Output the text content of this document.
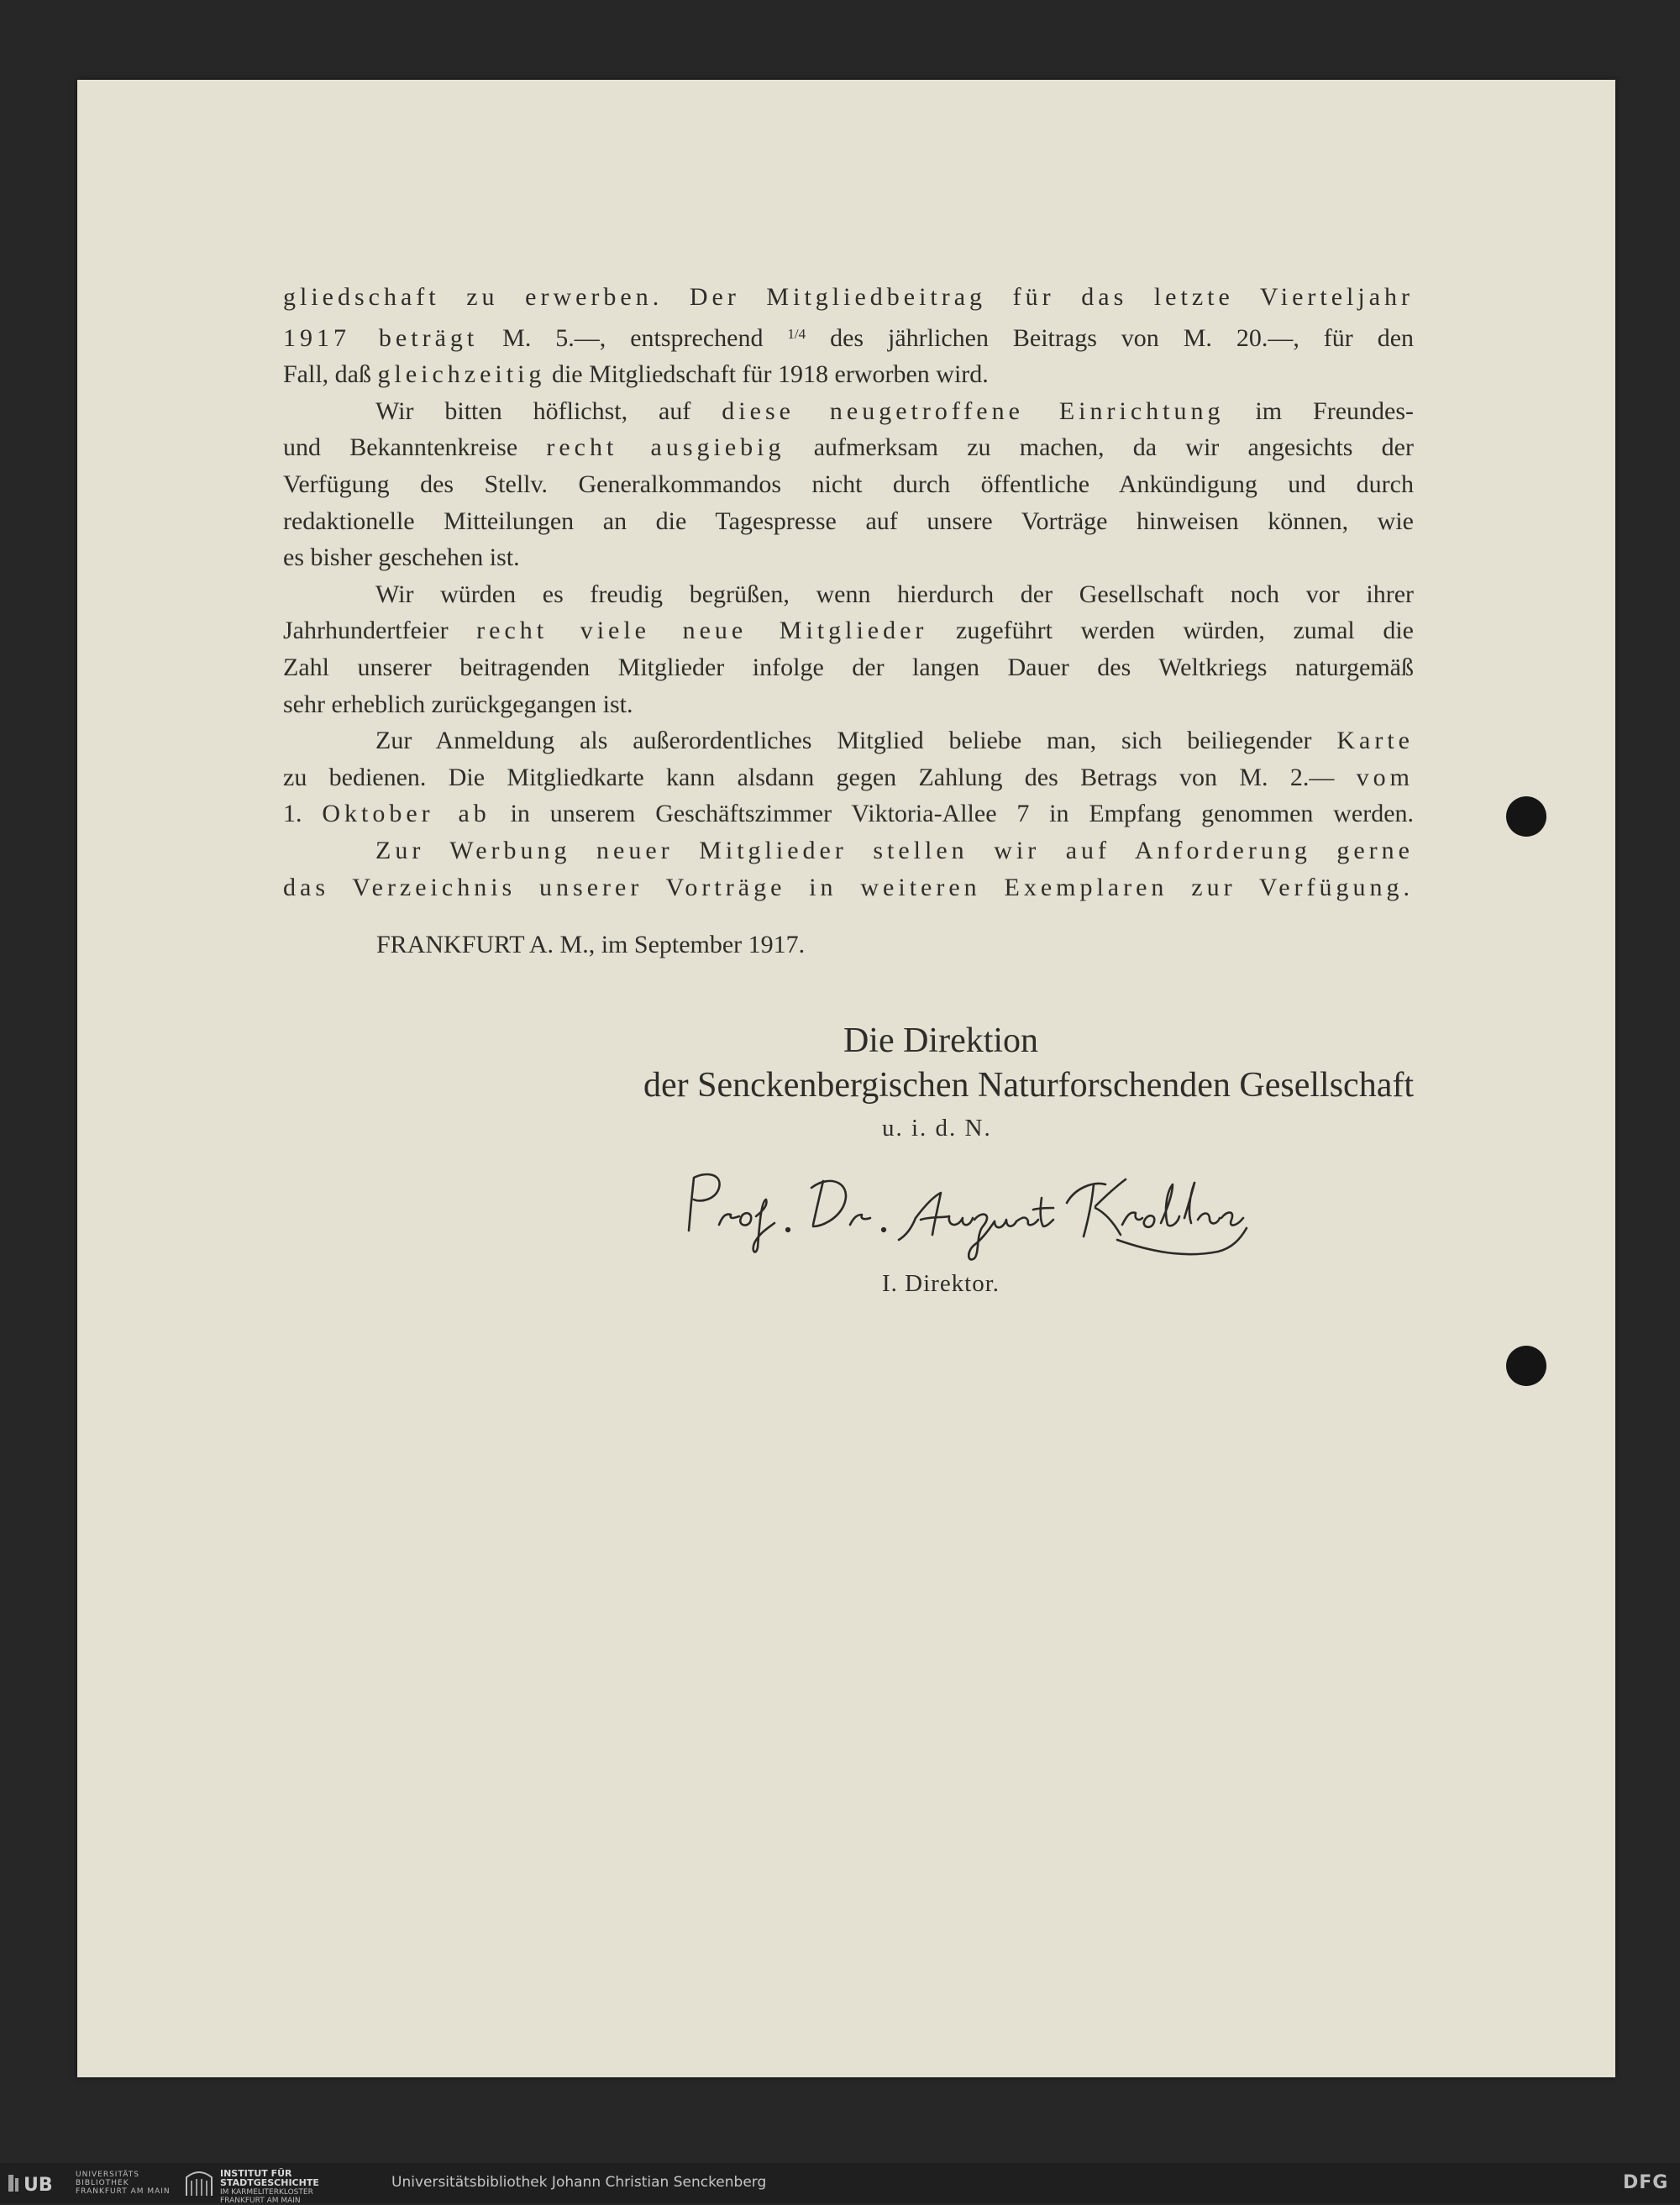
gliedschaft zu erwerben. Der Mitgliedbeitrag für das letzte Vierteljahr

1917 beträgt M. 5.—, entsprechend $^{1/4}$ des jährlichen Beitrags von M. 20.—, für den

Fall, daß gleichzeitig die Mitgliedschaft für 1918 erworben wird.

Wir bitten höflichst, auf diese neugetroffene Einrichtung im Freundes-

und Bekanntenkreise recht ausgiebig aufmerksam zu machen, da wir angesichts der

Verfügung des Stellv. Generalkommandos nicht durch öffentliche Ankündigung und durch

redaktionelle Mitteilungen an die Tagespresse auf unsere Vorträge hinweisen können, wie

es bisher geschehen ist.

Wir würden es freudig begrüßen, wenn hierdurch der Gesellschaft noch vor ihrer

Jahrhundertfeier recht viele neue Mitglieder zugeführt werden würden, zumal die

Zahl unserer beitragenden Mitglieder infolge der langen Dauer des Weltkriegs naturgemäß

sehr erheblich zurückgegangen ist.

Zur Anmeldung als außerordentliches Mitglied beliebe man, sich beiliegender Karte

zu bedienen. Die Mitgliedkarte kann alsdann gegen Zahlung des Betrags von M. 2.— vom

1. Oktober ab in unserem Geschäftszimmer Viktoria-Allee 7 in Empfang genommen werden.

Zur Werbung neuer Mitglieder stellen wir auf Anforderung gerne

das Verzeichnis unserer Vorträge in weiteren Exemplaren zur Verfügung.

FRANKFURT A. M., im September 1917.
Die Direktion
der Senckenbergischen Naturforschenden Gesellschaft
u. i. d. N.
I. Direktor.
UB	UNIVERSITÄTS
BIBLIOTHEK
FRANKFURT AM MAIN
INSTITUT FÜR
STADTGESCHICHTE
IM KARMELITERKLOSTER
FRANKFURT AM MAIN
Universitätsbibliothek Johann Christian Senckenberg	DFG
